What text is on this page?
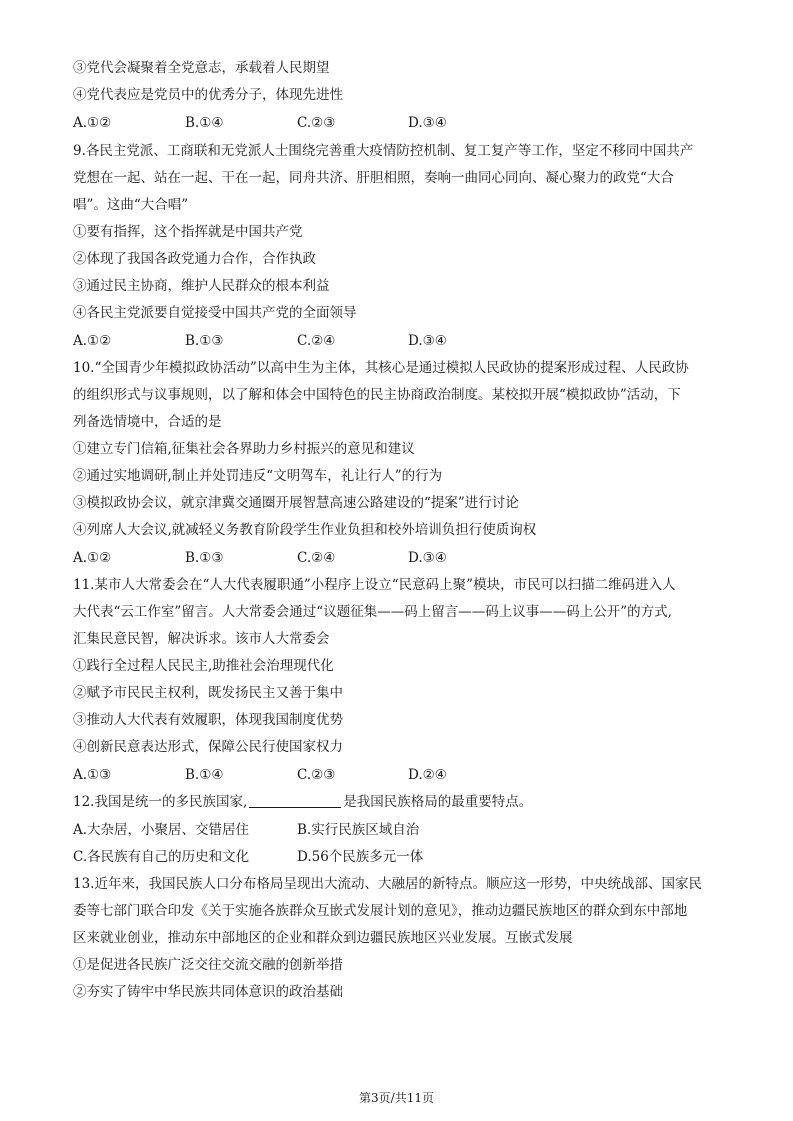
③党代会凝聚着全党意志，承载着人民期望
④党代表应是党员中的优秀分子，体现先进性
A.①②	B.①④	C.②③	D.③④
9.各民主党派、工商联和无党派人士围绕完善重大疫情防控机制、复工复产等工作，坚定不移同中国共产
党想在一起、站在一起、干在一起，同舟共济、肝胆相照，奏响一曲同心同向、凝心聚力的政党“大合
唱”。这曲“大合唱”
①要有指挥，这个指挥就是中国共产党
②体现了我国各政党通力合作，合作执政
③通过民主协商，维护人民群众的根本利益
④各民主党派要自觉接受中国共产党的全面领导
A.①②	B.①③	C.②④	D.③④
10.“全国青少年模拟政协活动”以高中生为主体，其核心是通过模拟人民政协的提案形成过程、人民政协
的组织形式与议事规则，以了解和体会中国特色的民主协商政治制度。某校拟开展“模拟政协”活动，下
列备选情境中，合适的是
①建立专门信箱,征集社会各界助力乡村振兴的意见和建议
②通过实地调研,制止并处罚违反“文明驾车，礼让行人”的行为
③模拟政协会议，就京津冀交通圈开展智慧高速公路建设的“提案”进行讨论
④列席人大会议,就减轻义务教育阶段学生作业负担和校外培训负担行使质询权
A.①②	B.①③	C.②④	D.③④
11.某市人大常委会在“人大代表履职通”小程序上设立“民意码上聚”模块，市民可以扫描二维码进入人
大代表“云工作室”留言。人大常委会通过“议题征集——码上留言——码上议事——码上公开”的方式,
汇集民意民智，解决诉求。该市人大常委会
①践行全过程人民民主,助推社会治理现代化
②赋予市民民主权利，既发扬民主又善于集中
③推动人大代表有效履职，体现我国制度优势
④创新民意表达形式，保障公民行使国家权力
A.①③	B.①④	C.②③	D.②④
12.我国是统一的多民族国家,	是我国民族格局的最重要特点。
A.大杂居，小聚居、交错居住	B.实行民族区域自治
C.各民族有自己的历史和文化	D.56个民族多元一体
13.近年来，我国民族人口分布格局呈现出大流动、大融居的新特点。顺应这一形势，中央统战部、国家民
委等七部门联合印发《关于实施各族群众互嵌式发展计划的意见》，推动边疆民族地区的群众到东中部地
区来就业创业，推动东中部地区的企业和群众到边疆民族地区兴业发展。互嵌式发展
①是促进各民族广泛交往交流交融的创新举措
②夯实了铸牢中华民族共同体意识的政治基础
第3页/共11页
